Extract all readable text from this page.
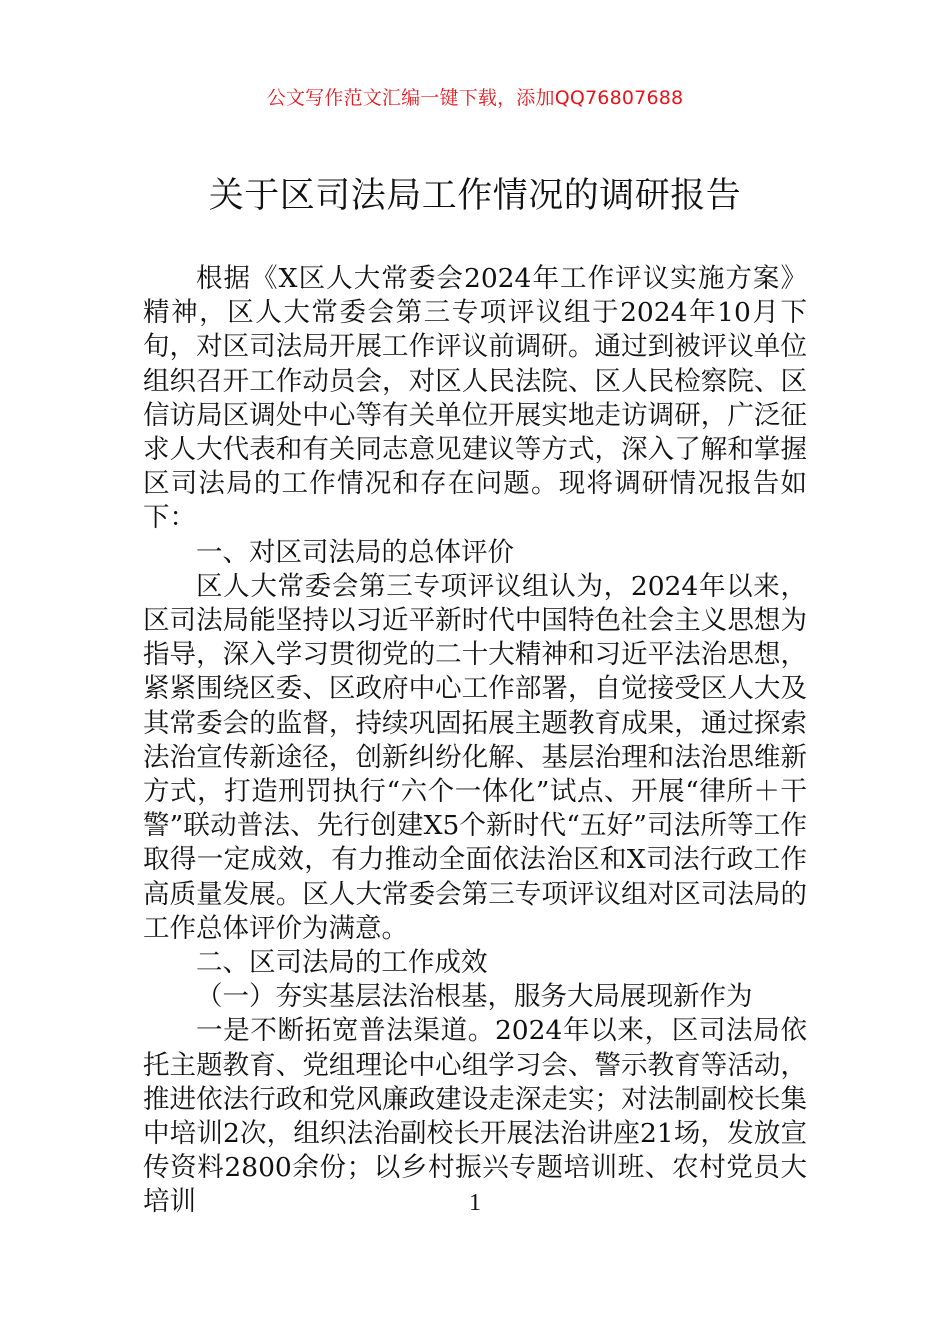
公文写作范文汇编一键下载，添加QQ76807688
关于区司法局工作情况的调研报告

根据《X区人大常委会2024年工作评议实施方案》精神，区人大常委会第三专项评议组于2024年10月下旬，对区司法局开展工作评议前调研。通过到被评议单位组织召开工作动员会，对区人民法院、区人民检察院、区信访局区调处中心等有关单位开展实地走访调研，广泛征求人大代表和有关同志意见建议等方式，深入了解和掌握区司法局的工作情况和存在问题。现将调研情况报告如下：

一、对区司法局的总体评价

区人大常委会第三专项评议组认为，2024年以来，区司法局能坚持以习近平新时代中国特色社会主义思想为指导，深入学习贯彻党的二十大精神和习近平法治思想，紧紧围绕区委、区政府中心工作部署，自觉接受区人大及其常委会的监督，持续巩固拓展主题教育成果，通过探索法治宣传新途径，创新纠纷化解、基层治理和法治思维新方式，打造刑罚执行“六个一体化”试点、开展“律所＋干警”联动普法、先行创建X5个新时代“五好”司法所等工作取得一定成效，有力推动全面依法治区和X司法行政工作高质量发展。区人大常委会第三专项评议组对区司法局的工作总体评价为满意。

二、区司法局的工作成效

（一）夯实基层法治根基，服务大局展现新作为

一是不断拓宽普法渠道。2024年以来，区司法局依托主题教育、党组理论中心组学习会、警示教育等活动，推进依法行政和党风廉政建设走深走实；对法制副校长集中培训2次，组织法治副校长开展法治讲座21场，发放宣传资料2800余份；以乡村振兴专题培训班、农村党员大培训	1
